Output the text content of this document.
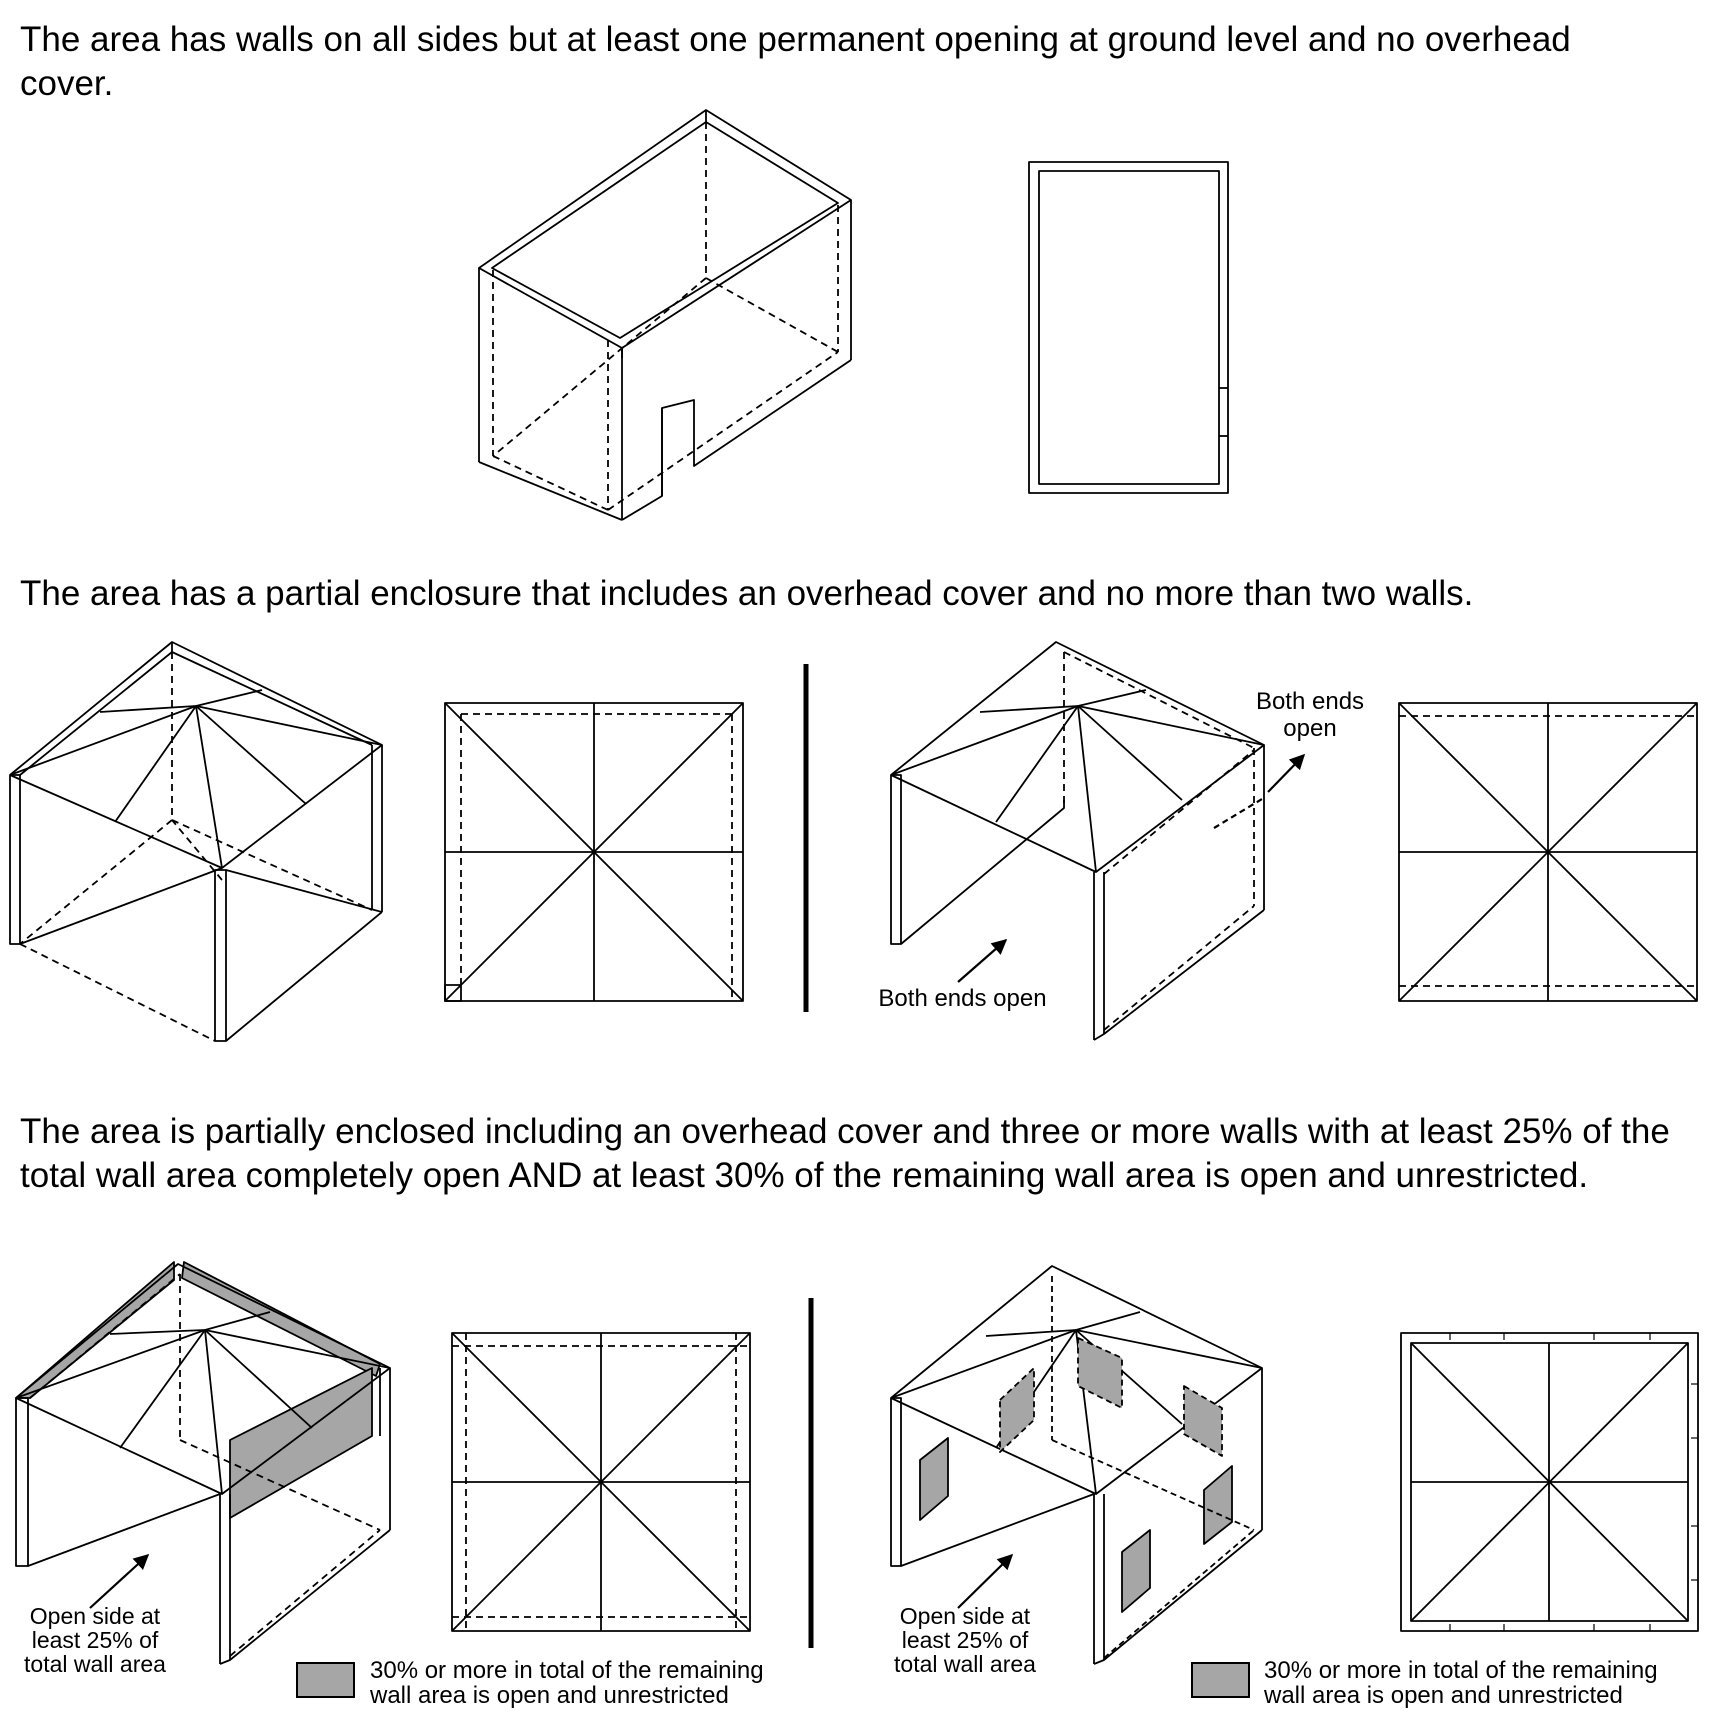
The area has walls on all sides but at least one permanent opening at ground level and no overhead cover.
The area has a partial enclosure that includes an overhead cover and no more than two walls.
The area is partially enclosed including an overhead cover and three or more walls with at least 25% of the total wall area completely open AND at least 30% of the remaining wall area is open and unrestricted.
Both ends
open
Both ends open
Open side at
least 25% of
total wall area
Open side at
least 25% of
total wall area
30% or more in total of the remaining
wall area is open and unrestricted
30% or more in total of the remaining
wall area is open and unrestricted
